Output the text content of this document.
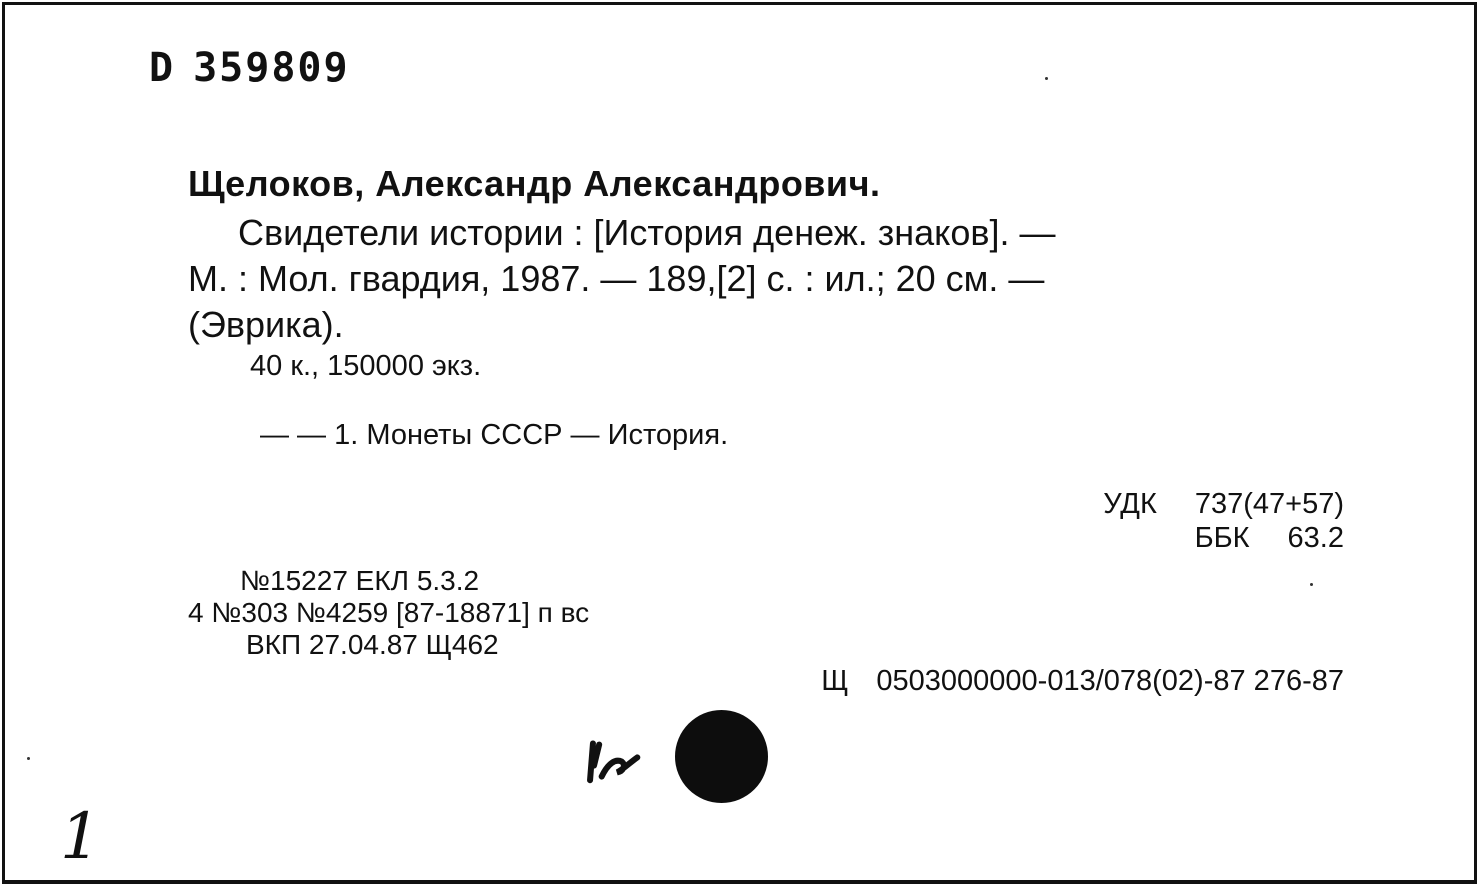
D 359809
Щелоков, Александр Александрович.
Свидетели истории : [История денеж. знаков]. —
М. : Мол. гвардия, 1987. — 189,[2] с. : ил.; 20 см. —
(Эврика).
40 к., 150000 экз.
— — 1. Монеты СССР — История.
УДК 737(47+57)
ББК 63.2
№15227 ЕКЛ 5.3.2
4 №303 №4259 [87-18871] п вс
ВКП 27.04.87 Щ462
Щ 0503000000-013/078(02)-87 276-87
1
